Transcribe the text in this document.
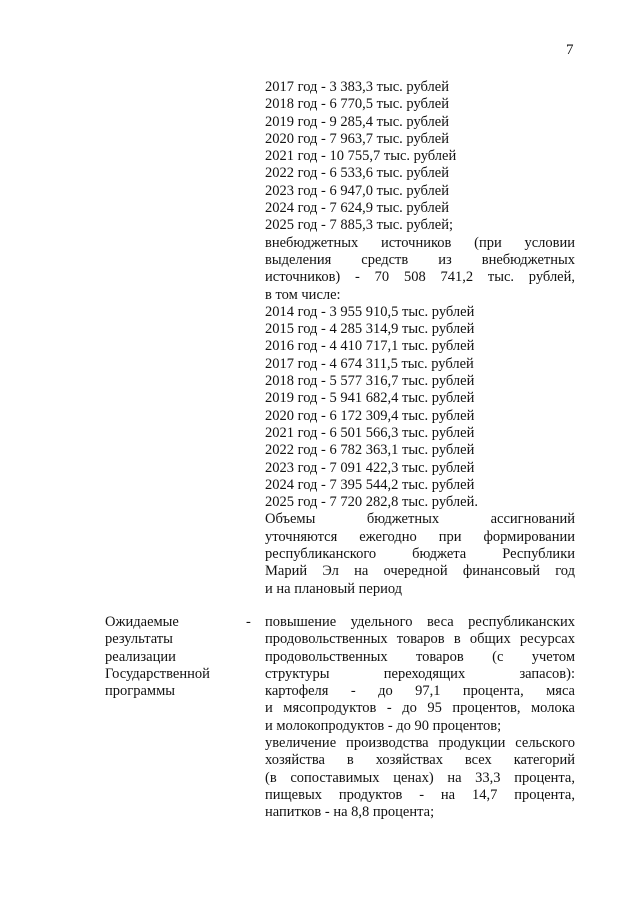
7
2017 год - 3 383,3 тыс. рублей
2018 год - 6 770,5 тыс. рублей
2019 год - 9 285,4 тыс. рублей
2020 год - 7 963,7 тыс. рублей
2021 год - 10 755,7 тыс. рублей
2022 год - 6 533,6 тыс. рублей
2023 год - 6 947,0 тыс. рублей
2024 год - 7 624,9 тыс. рублей
2025 год - 7 885,3 тыс. рублей;
внебюджетных источников (при условии
выделения средств из внебюджетных
источников) - 70 508 741,2 тыс. рублей,
в том числе:
2014 год - 3 955 910,5 тыс. рублей
2015 год - 4 285 314,9 тыс. рублей
2016 год - 4 410 717,1 тыс. рублей
2017 год - 4 674 311,5 тыс. рублей
2018 год - 5 577 316,7 тыс. рублей
2019 год - 5 941 682,4 тыс. рублей
2020 год - 6 172 309,4 тыс. рублей
2021 год - 6 501 566,3 тыс. рублей
2022 год - 6 782 363,1 тыс. рублей
2023 год - 7 091 422,3 тыс. рублей
2024 год - 7 395 544,2 тыс. рублей
2025 год - 7 720 282,8 тыс. рублей.
Объемы бюджетных ассигнований
уточняются ежегодно при формировании
республиканского бюджета Республики
Марий Эл на очередной финансовый год
и на плановый период
Ожидаемые
результаты
реализации
Государственной
программы
- повышение удельного веса республиканских
продовольственных товаров в общих ресурсах
продовольственных товаров (с учетом
структуры переходящих запасов):
картофеля - до 97,1 процента, мяса
и мясопродуктов - до 95 процентов, молока
и молокопродуктов - до 90 процентов;
увеличение производства продукции сельского
хозяйства в хозяйствах всех категорий
(в сопоставимых ценах) на 33,3 процента,
пищевых продуктов - на 14,7 процента,
напитков - на 8,8 процента;
